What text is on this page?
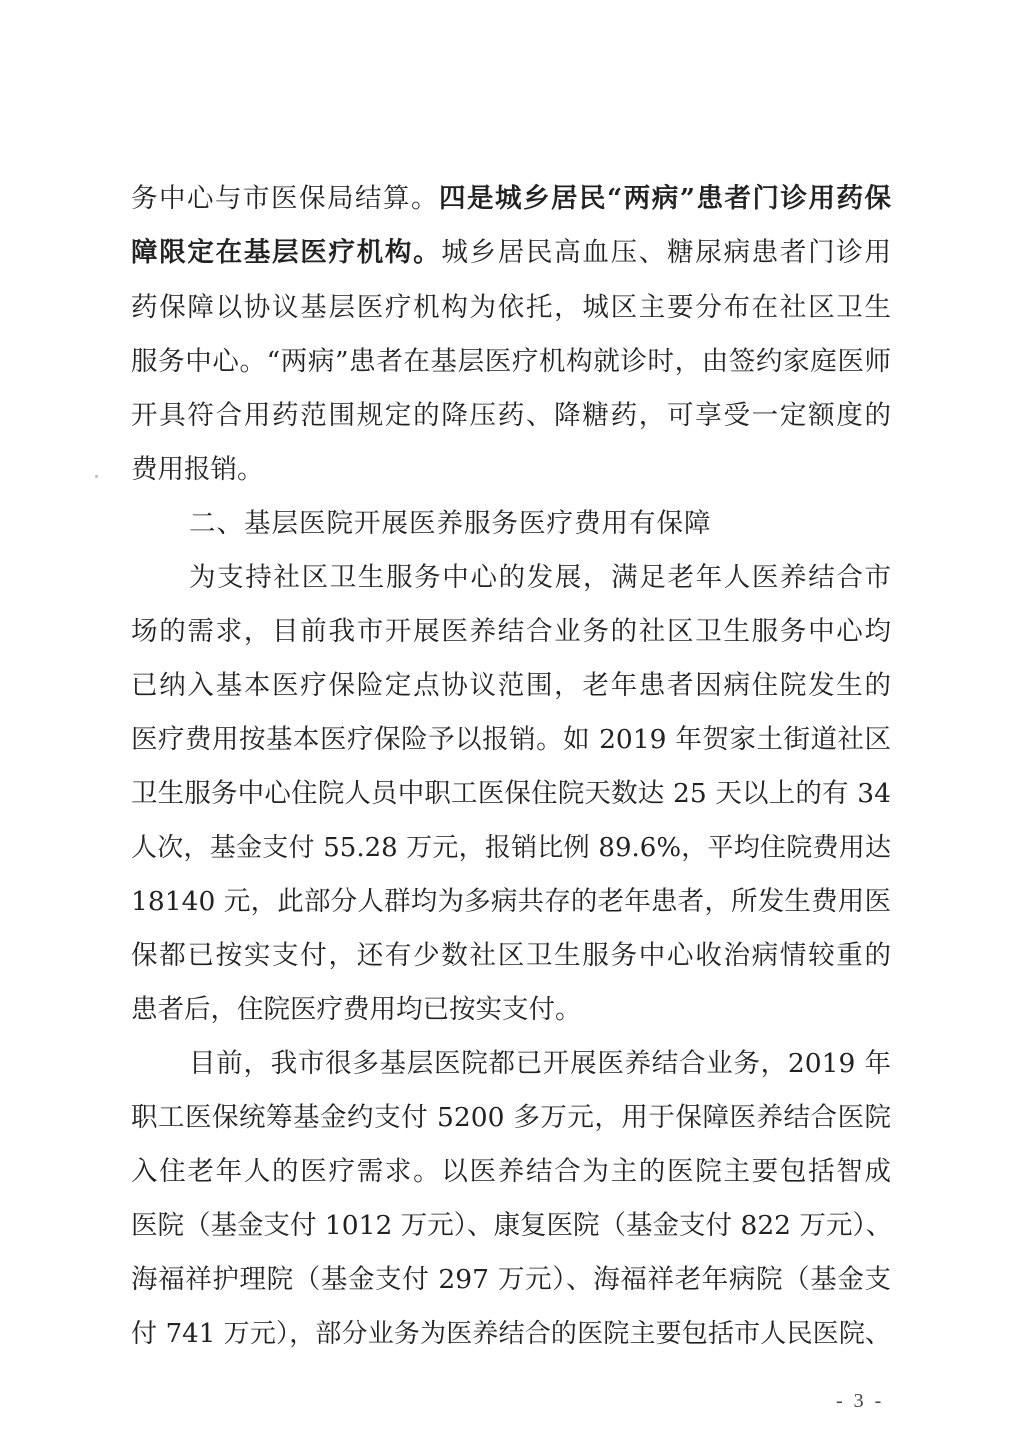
务中心与市医保局结算。四是城乡居民“两病”患者门诊用药保
障限定在基层医疗机构。城乡居民高血压、糖尿病患者门诊用
药保障以协议基层医疗机构为依托，城区主要分布在社区卫生
服务中心。“两病”患者在基层医疗机构就诊时，由签约家庭医师
开具符合用药范围规定的降压药、降糖药，可享受一定额度的
费用报销。
二、基层医院开展医养服务医疗费用有保障
为支持社区卫生服务中心的发展，满足老年人医养结合市
场的需求，目前我市开展医养结合业务的社区卫生服务中心均
已纳入基本医疗保险定点协议范围，老年患者因病住院发生的
医疗费用按基本医疗保险予以报销。如 2019 年贺家土街道社区
卫生服务中心住院人员中职工医保住院天数达 25 天以上的有 34
人次，基金支付 55.28 万元，报销比例 89.6%，平均住院费用达
18140 元，此部分人群均为多病共存的老年患者，所发生费用医
保都已按实支付，还有少数社区卫生服务中心收治病情较重的
患者后，住院医疗费用均已按实支付。
目前，我市很多基层医院都已开展医养结合业务，2019 年
职工医保统筹基金约支付 5200 多万元，用于保障医养结合医院
入住老年人的医疗需求。以医养结合为主的医院主要包括智成
医院（基金支付 1012 万元）、康复医院（基金支付 822 万元）、
海福祥护理院（基金支付 297 万元）、海福祥老年病院（基金支
付 741 万元），部分业务为医养结合的医院主要包括市人民医院、
- 3 -
